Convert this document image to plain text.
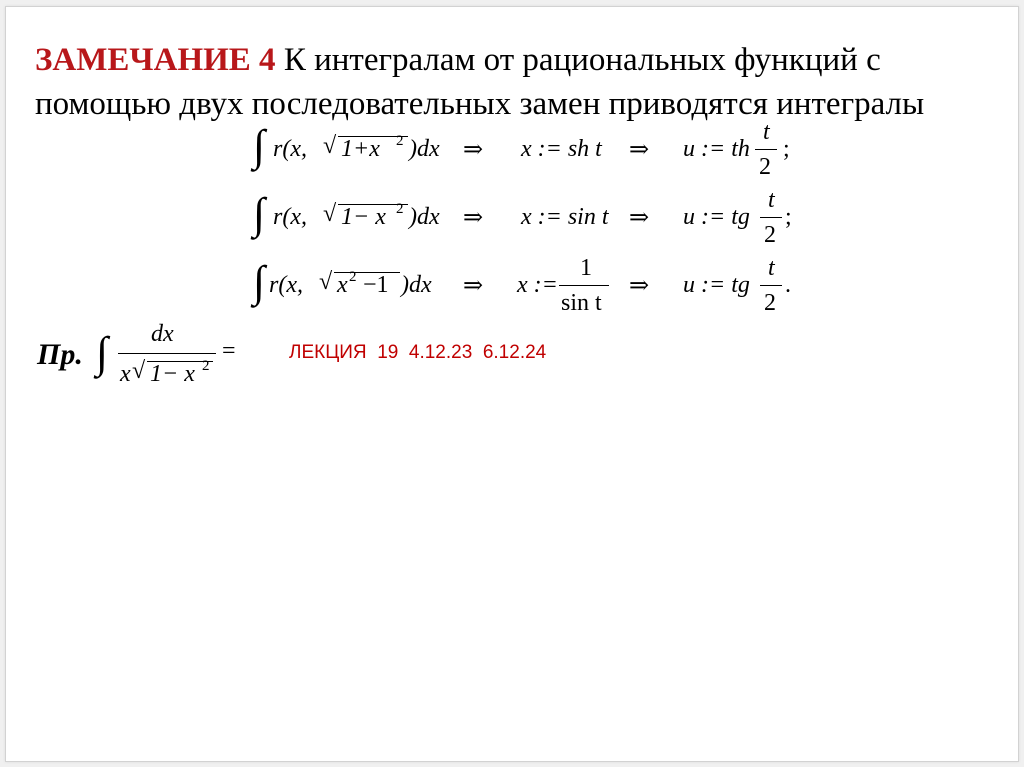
ЗАМЕЧАНИЕ 4 К интегралам от рациональных функций с помощью двух последовательных замен приводятся интегралы
∫ r(x, √ 1+x 2 )dx ⇒ x := sh t ⇒ u := th
t
2
;
∫ r(x, √ 1− x 2 )dx ⇒ x := sin t ⇒ u := tg
t
2
;
∫ r(x, √ x 2 −1 )dx ⇒ x :=
1
sin t
⇒ u := tg
t
2
.
Пр. ∫ dx
x √ 1− x 2
=	ЛЕКЦИЯ  19  4.12.23  6.12.24
